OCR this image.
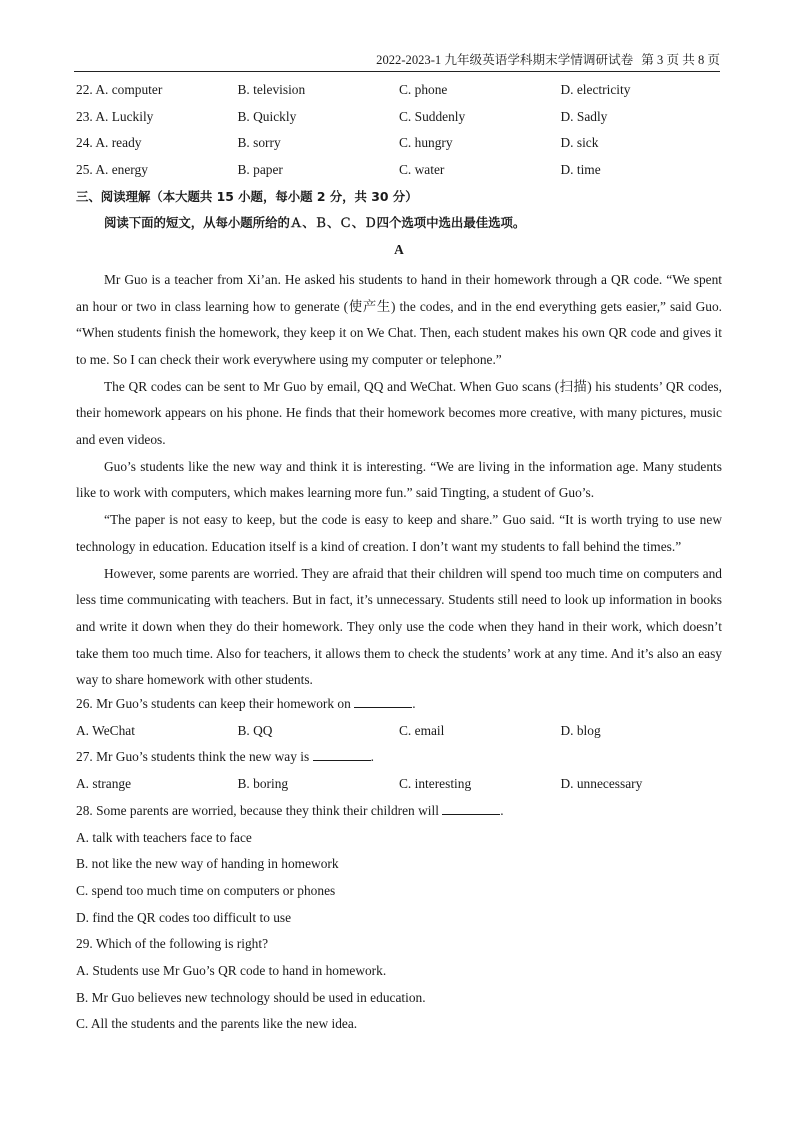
2022-2023-1 九年级英语学科期末学情调研试卷 第 3 页 共 8 页
22. A. computer	B. television	C. phone	D. electricity
23. A. Luckily	B. Quickly	C. Suddenly	D. Sadly
24. A. ready	B. sorry	C. hungry	D. sick
25. A. energy	B. paper	C. water	D. time
三、阅读理解（本大题共 15 小题，每小题 2 分，共 30 分）
阅读下面的短文，从每小题所给的Ａ、Ｂ、Ｃ、Ｄ四个选项中选出最佳选项。
A

Mr Guo is a teacher from Xi’an. He asked his students to hand in their homework through a QR code. “We spent an hour or two in class learning how to generate (使产生) the codes, and in the end everything gets easier,” said Guo. “When students finish the homework, they keep it on We Chat. Then, each student makes his own QR code and gives it to me. So I can check their work everywhere using my computer or telephone.”

The QR codes can be sent to Mr Guo by email, QQ and WeChat. When Guo scans (扫描) his students’ QR codes, their homework appears on his phone. He finds that their homework becomes more creative, with many pictures, music and even videos.

Guo’s students like the new way and think it is interesting. “We are living in the information age. Many students like to work with computers, which makes learning more fun.” said Tingting, a student of Guo’s.

“The paper is not easy to keep, but the code is easy to keep and share.” Guo said. “It is worth trying to use new technology in education. Education itself is a kind of creation. I don’t want my students to fall behind the times.”

However, some parents are worried. They are afraid that their children will spend too much time on computers and less time communicating with teachers. But in fact, it’s unnecessary. Students still need to look up information in books and write it down when they do their homework. They only use the code when they hand in their work, which doesn’t take them too much time. Also for teachers, it allows them to check the students’ work at any time. And it’s also an easy way to share homework with other students.

26. Mr Guo’s students can keep their homework on	.
A. WeChat	B. QQ	C. email	D. blog
27. Mr Guo’s students think the new way is	.
A. strange	B. boring	C. interesting	D. unnecessary
28. Some parents are worried, because they think their children will	.
A. talk with teachers face to face
B. not like the new way of handing in homework
C. spend too much time on computers or phones
D. find the QR codes too difficult to use
29. Which of the following is right?
A. Students use Mr Guo’s QR code to hand in homework.
B. Mr Guo believes new technology should be used in education.
C. All the students and the parents like the new idea.
